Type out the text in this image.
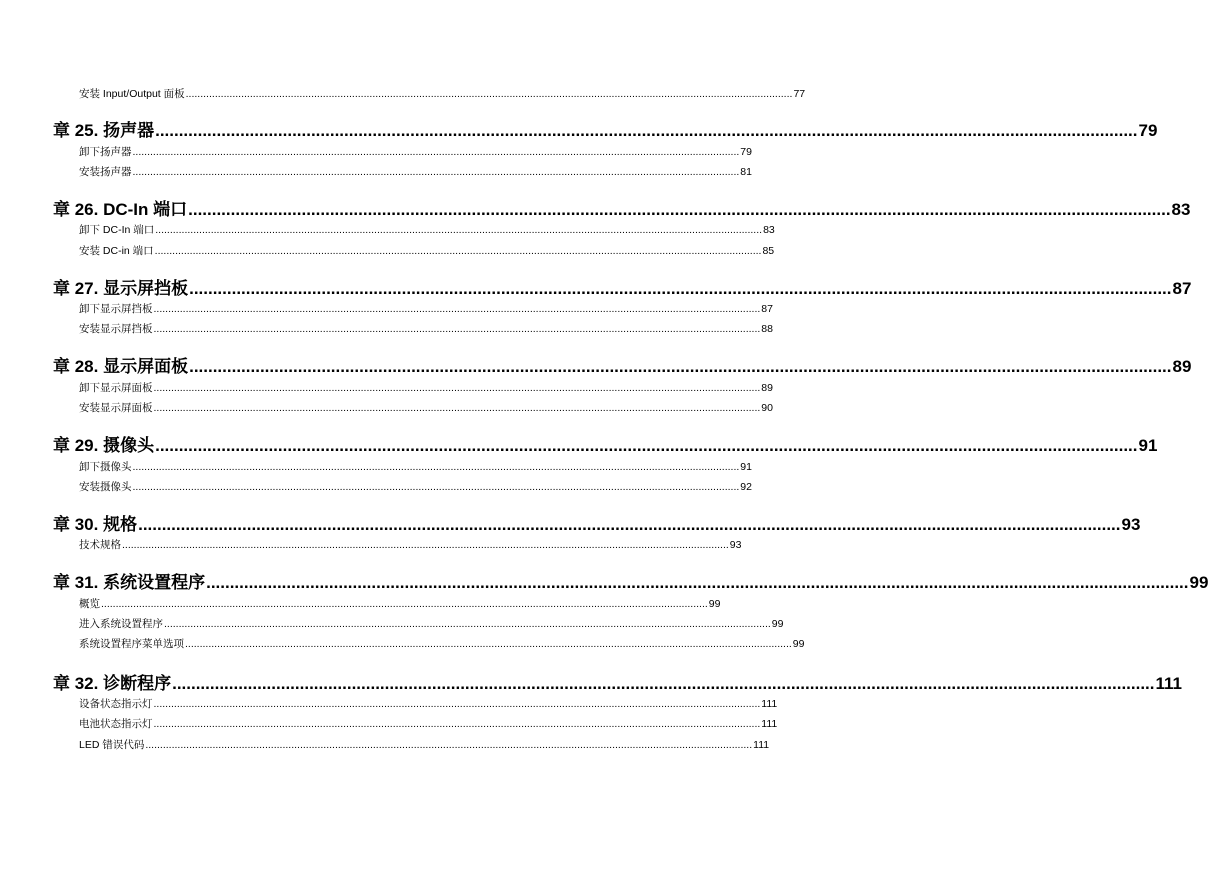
安装 Input/Output 面板 ................................................................................................................................................................................................................ 77
章 25. 扬声器 ................................................................................................................................................................................................................ 79
卸下扬声器 ................................................................................................................................................................................................................ 79
安装扬声器 ................................................................................................................................................................................................................ 81
章 26. DC-In 端口 ................................................................................................................................................................................................................ 83
卸下 DC-In 端口 ................................................................................................................................................................................................................ 83
安装 DC-in 端口 ................................................................................................................................................................................................................ 85
章 27. 显示屏挡板 ................................................................................................................................................................................................................ 87
卸下显示屏挡板 ................................................................................................................................................................................................................ 87
安装显示屏挡板 ................................................................................................................................................................................................................ 88
章 28. 显示屏面板 ................................................................................................................................................................................................................ 89
卸下显示屏面板 ................................................................................................................................................................................................................ 89
安装显示屏面板 ................................................................................................................................................................................................................ 90
章 29. 摄像头 ................................................................................................................................................................................................................ 91
卸下摄像头 ................................................................................................................................................................................................................ 91
安装摄像头 ................................................................................................................................................................................................................ 92
章 30. 规格 ................................................................................................................................................................................................................ 93
技术规格 ................................................................................................................................................................................................................ 93
章 31. 系统设置程序 ................................................................................................................................................................................................................ 99
概览 ................................................................................................................................................................................................................ 99
进入系统设置程序 ................................................................................................................................................................................................................ 99
系统设置程序菜单选项 ................................................................................................................................................................................................................ 99
章 32. 诊断程序 ................................................................................................................................................................................................................ 111
设备状态指示灯 ................................................................................................................................................................................................................ 111
电池状态指示灯 ................................................................................................................................................................................................................ 111
LED 错误代码 ................................................................................................................................................................................................................ 111
